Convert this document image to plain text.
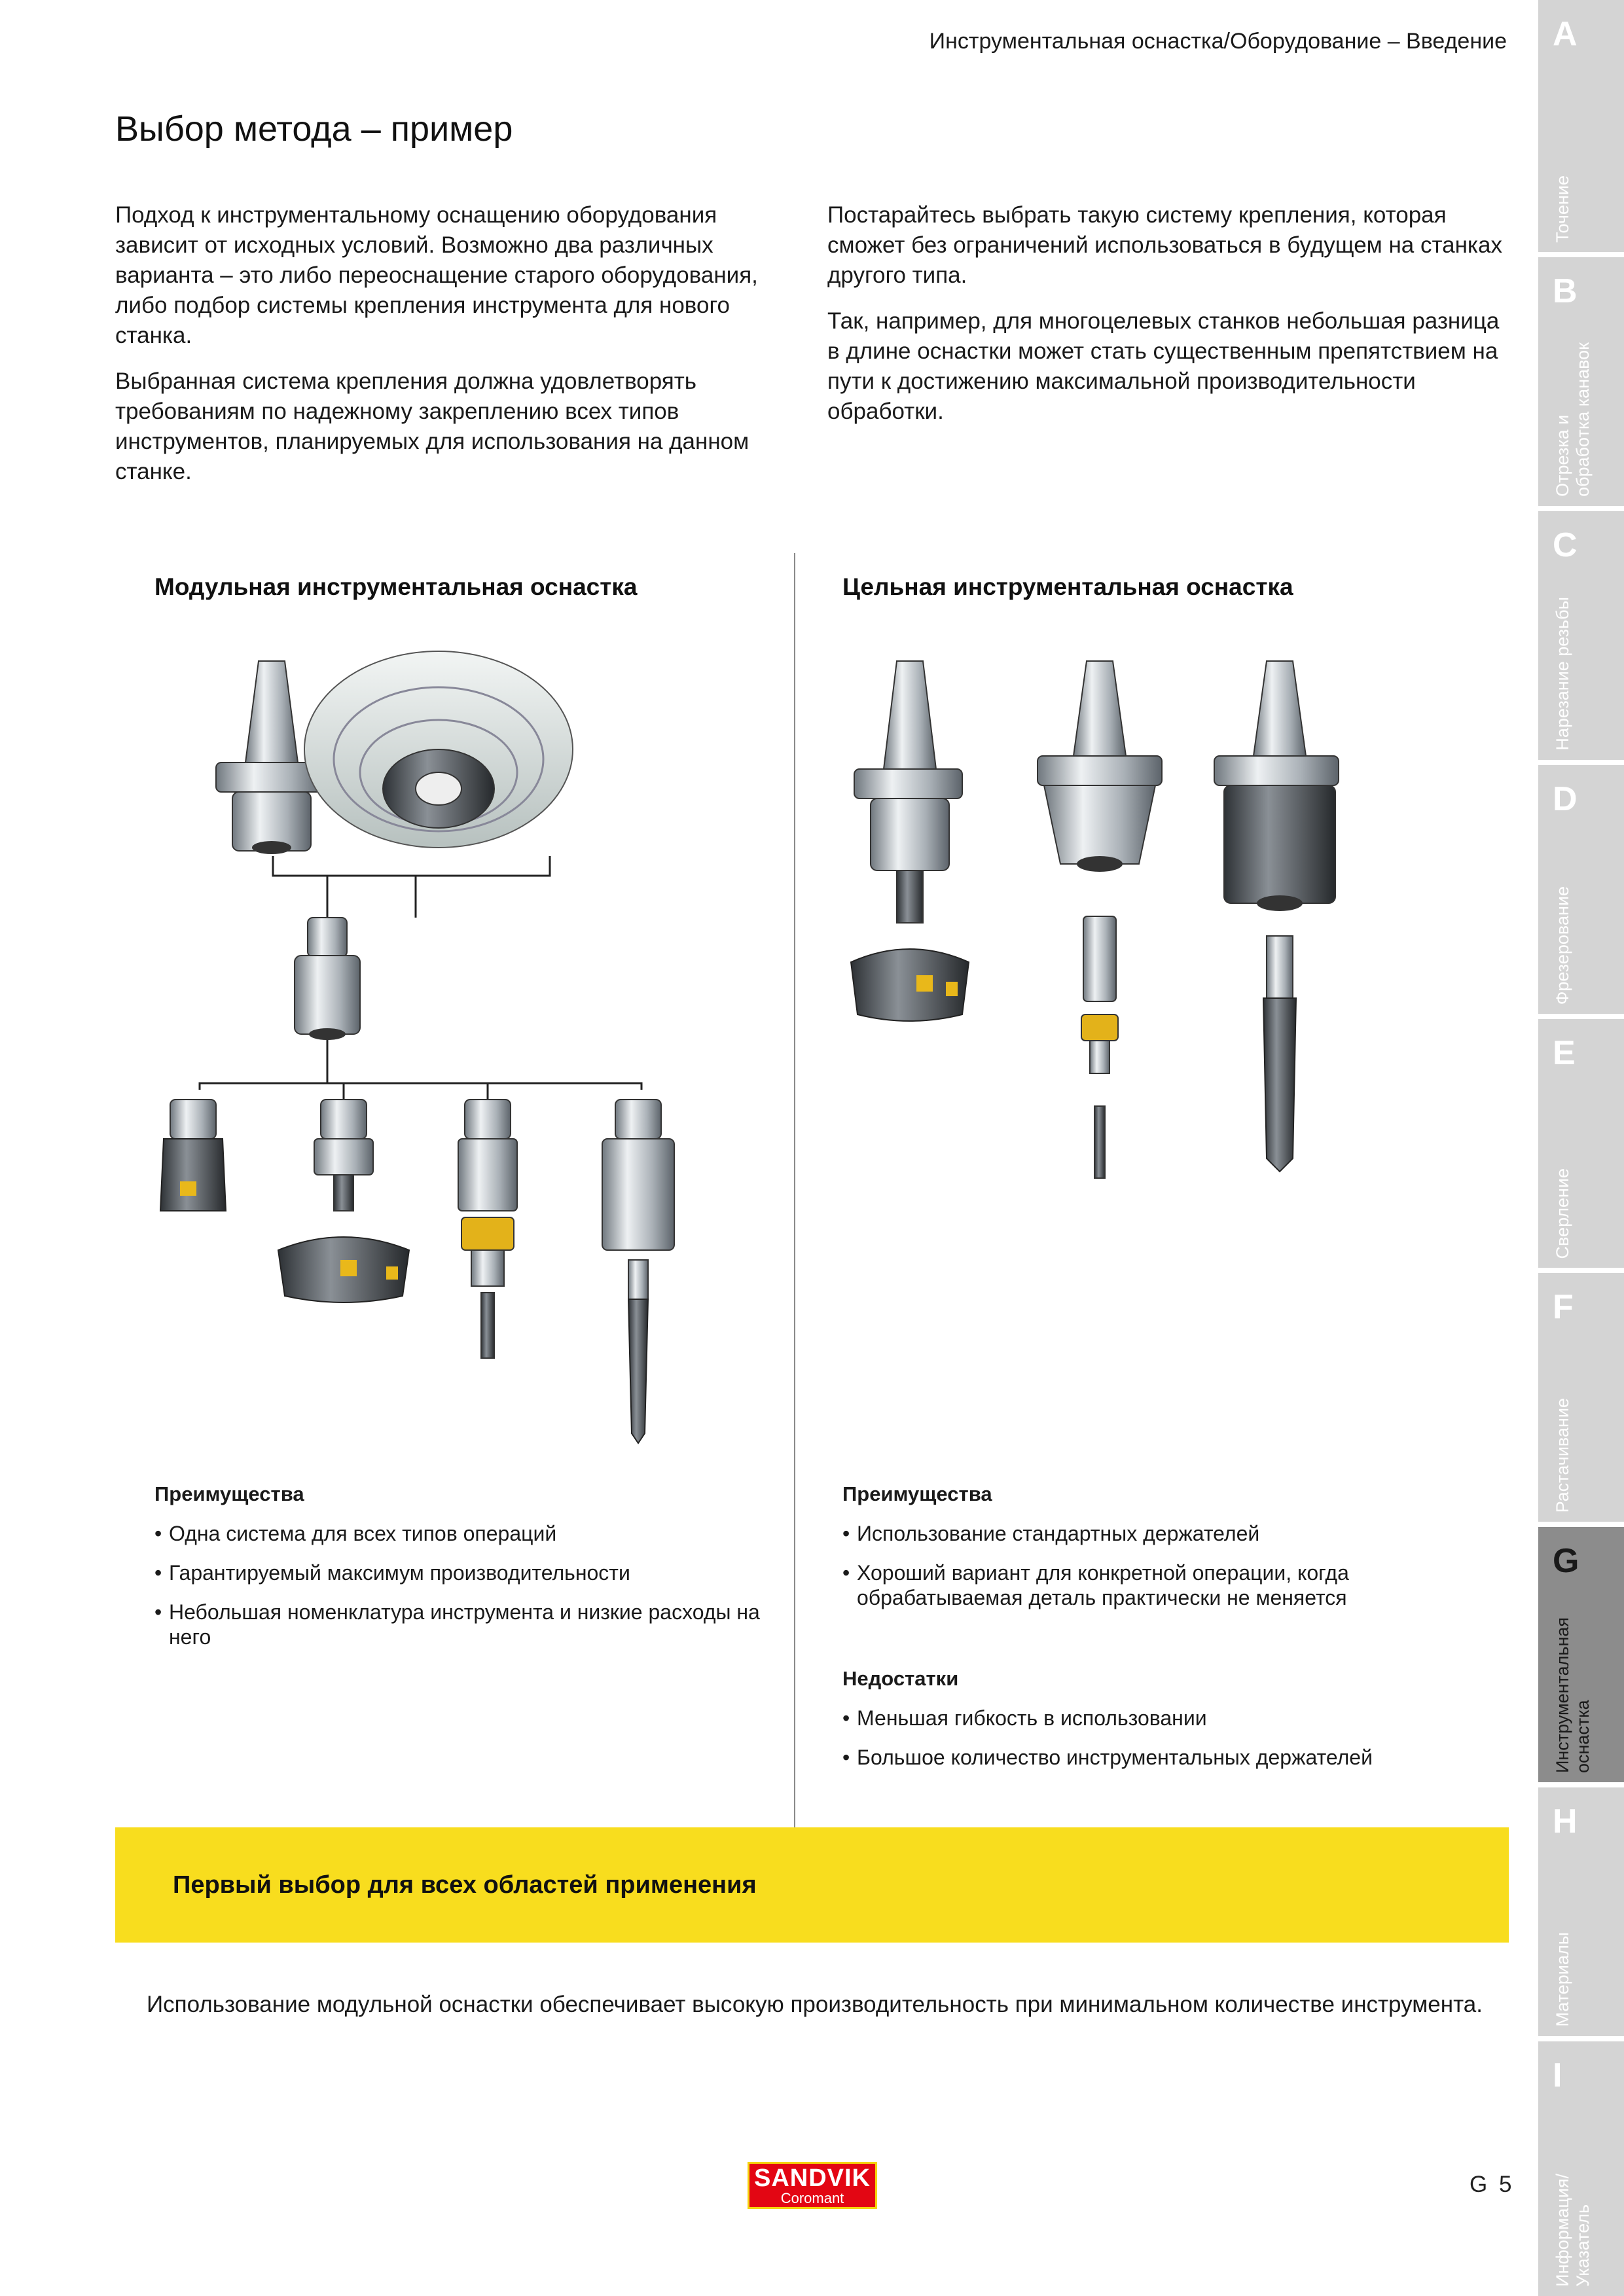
Инструментальная оснастка/Оборудование – Введение
Выбор метода – пример

Подход к инструментальному оснащению оборудования зависит от исходных условий. Возможно два различных варианта – это либо переоснащение старого оборудования, либо подбор системы крепления инструмента для нового станка.

Выбранная система крепления должна удовлетворять требованиям по надежному закреплению всех типов инструментов, планируемых для использования на данном станке.

Постарайтесь выбрать такую систему крепления, которая сможет без ограничений использоваться в будущем на станках другого типа.

Так, например, для многоцелевых станков небольшая разница в длине оснастки может стать существенным препятствием на пути к достижению максимальной производительности обработки.

Модульная инструментальная оснастка	Цельная инструментальная оснастка
Преимущества
• Одна система для всех типов операций
• Гарантируемый максимум производительности
• Небольшая номенклатура инструмента и низкие расходы на него
Преимущества
• Использование стандартных держателей
• Хороший вариант для конкретной операции, когда обрабатываемая деталь практически не меняется
Недостатки
• Меньшая гибкость в использовании
• Большое количество инструментальных держателей
Первый выбор для всех областей применения

Использование модульной оснастки обеспечивает высокую производительность при минимальном количестве инструмента.

SANDVIK
Coromant
G 5
A
Точение
B
Отрезка и
обработка канавок
C
Нарезание резьбы
D
Фрезерование
E
Сверление
F
Растачивание
G
Инструментальная
оснастка
H
Материалы
I
Информация/
Указатель
